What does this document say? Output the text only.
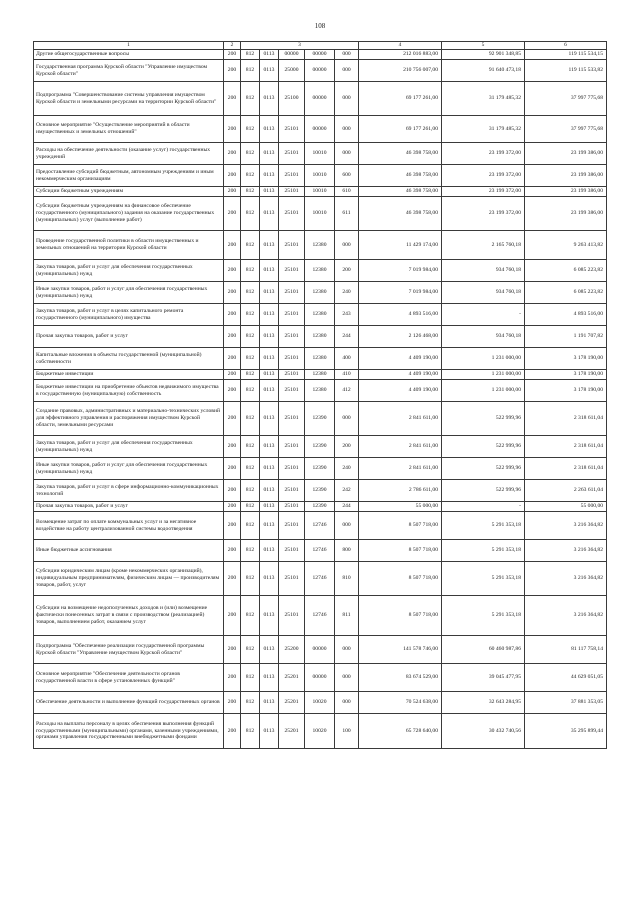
108
1	2	3					4	5	6
Другие общегосударственные вопросы	200	812	0113	00000	00000	000	212 016 883,00	92 901 348,85	119 115 534,15
Государственная программа Курской области "Управление имуществом Курской области"	200	812	0113	25000	00000	000	210 756 007,00	91 640 473,18	119 115 533,82
Подпрограмма "Совершенствование системы управления имуществом Курской области и земельными ресурсами на территории Курской области"	200	812	0113	25100	00000	000	69 177 261,00	31 179 485,32	37 997 775,68
Основное мероприятие "Осуществление мероприятий в области имущественных и земельных отношений"	200	812	0113	25101	00000	000	69 177 261,00	31 179 485,32	37 997 775,68
Расходы на обеспечение деятельности (оказание услуг) государственных учреждений	200	812	0113	25101	10010	000	46 398 758,00	23 199 372,00	23 199 386,00
Предоставление субсидий бюджетным, автономным учреждениям и иным некоммерческим организациям	200	812	0113	25101	10010	600	46 398 758,00	23 199 372,00	23 199 386,00
Субсидии бюджетным учреждениям	200	812	0113	25101	10010	610	46 398 758,00	23 199 372,00	23 199 386,00
Субсидии бюджетным учреждениям на финансовое обеспечение государственного (муниципального) задания на оказание государственных (муниципальных) услуг (выполнение работ)	200	812	0113	25101	10010	611	46 398 758,00	23 199 372,00	23 199 386,00
Проведение государственной политики в области имущественных и земельных отношений на территории Курской области	200	812	0113	25101	12380	000	11 429 174,00	2 165 760,18	9 263 413,82
Закупка товаров, работ и услуг для обеспечения государственных (муниципальных) нужд	200	812	0113	25101	12380	200	7 019 984,00	934 760,18	6 085 223,82
Иные закупки товаров, работ и услуг для обеспечения государственных (муниципальных) нужд	200	812	0113	25101	12380	240	7 019 984,00	934 760,18	6 085 223,82
Закупка товаров, работ и услуг в целях капитального ремонта государственного (муниципального) имущества	200	812	0113	25101	12380	243	4 893 516,00	-	4 893 516,00
Прочая закупка товаров, работ и услуг	200	812	0113	25101	12380	244	2 126 468,00	934 760,18	1 191 707,82
Капитальные вложения в объекты государственной (муниципальной) собственности	200	812	0113	25101	12380	400	4 409 190,00	1 231 000,00	3 178 190,00
Бюджетные инвестиции	200	812	0113	25101	12380	410	4 409 190,00	1 231 000,00	3 178 190,00
Бюджетные инвестиции на приобретение объектов недвижимого имущества в государственную (муниципальную) собственность	200	812	0113	25101	12380	412	4 409 190,00	1 231 000,00	3 178 190,00
Создание правовых, административных и материально-технических условий для эффективного управления и распоряжения имуществом Курской области, земельными ресурсами	200	812	0113	25101	12390	000	2 841 611,00	522 999,96	2 318 611,04
Закупка товаров, работ и услуг для обеспечения государственных (муниципальных) нужд	200	812	0113	25101	12390	200	2 841 611,00	522 999,96	2 318 611,04
Иные закупки товаров, работ и услуг для обеспечения государственных (муниципальных) нужд	200	812	0113	25101	12390	240	2 841 611,00	522 999,96	2 318 611,04
Закупка товаров, работ и услуг в сфере информационно-коммуникационных технологий	200	812	0113	25101	12390	242	2 786 611,00	522 999,96	2 263 611,04
Прочая закупка товаров, работ и услуг	200	812	0113	25101	12390	244	55 000,00	-	55 000,00
Возмещение затрат по оплате коммунальных услуг и за негативное воздействие на работу централизованной системы водоотведения	200	812	0113	25101	12746	000	8 507 718,00	5 291 353,18	3 216 364,82
Иные бюджетные ассигнования	200	812	0113	25101	12746	800	8 507 718,00	5 291 353,18	3 216 364,82
Субсидии юридическим лицам (кроме некоммерческих организаций), индивидуальным предпринимателям, физическим лицам — производителям товаров, работ, услуг	200	812	0113	25101	12746	810	8 507 718,00	5 291 353,18	3 216 364,82
Субсидии на возмещение недополученных доходов и (или) возмещение фактически понесенных затрат в связи с производством (реализацией) товаров, выполнением работ, оказанием услуг	200	812	0113	25101	12746	811	8 507 718,00	5 291 353,18	3 216 364,82
Подпрограмма "Обеспечение реализации государственной программы Курской области "Управление имуществом Курской области"	200	812	0113	25200	00000	000	141 578 746,00	60 460 987,86	81 117 758,14
Основное мероприятие "Обеспечение деятельности органов государственной власти в сфере установленных функций"	200	812	0113	25201	00000	000	83 674 529,00	39 045 477,95	44 629 051,05
Обеспечение деятельности и выполнение функций государственных органов	200	812	0113	25201	10020	000	70 524 638,00	32 643 284,95	37 881 353,05
Расходы на выплаты персоналу в целях обеспечения выполнения функций государственными (муниципальными) органами, казенными учреждениями, органами управления государственными внебюджетными фондами	200	812	0113	25201	10020	100	65 728 640,00	30 432 740,56	35 295 899,44
